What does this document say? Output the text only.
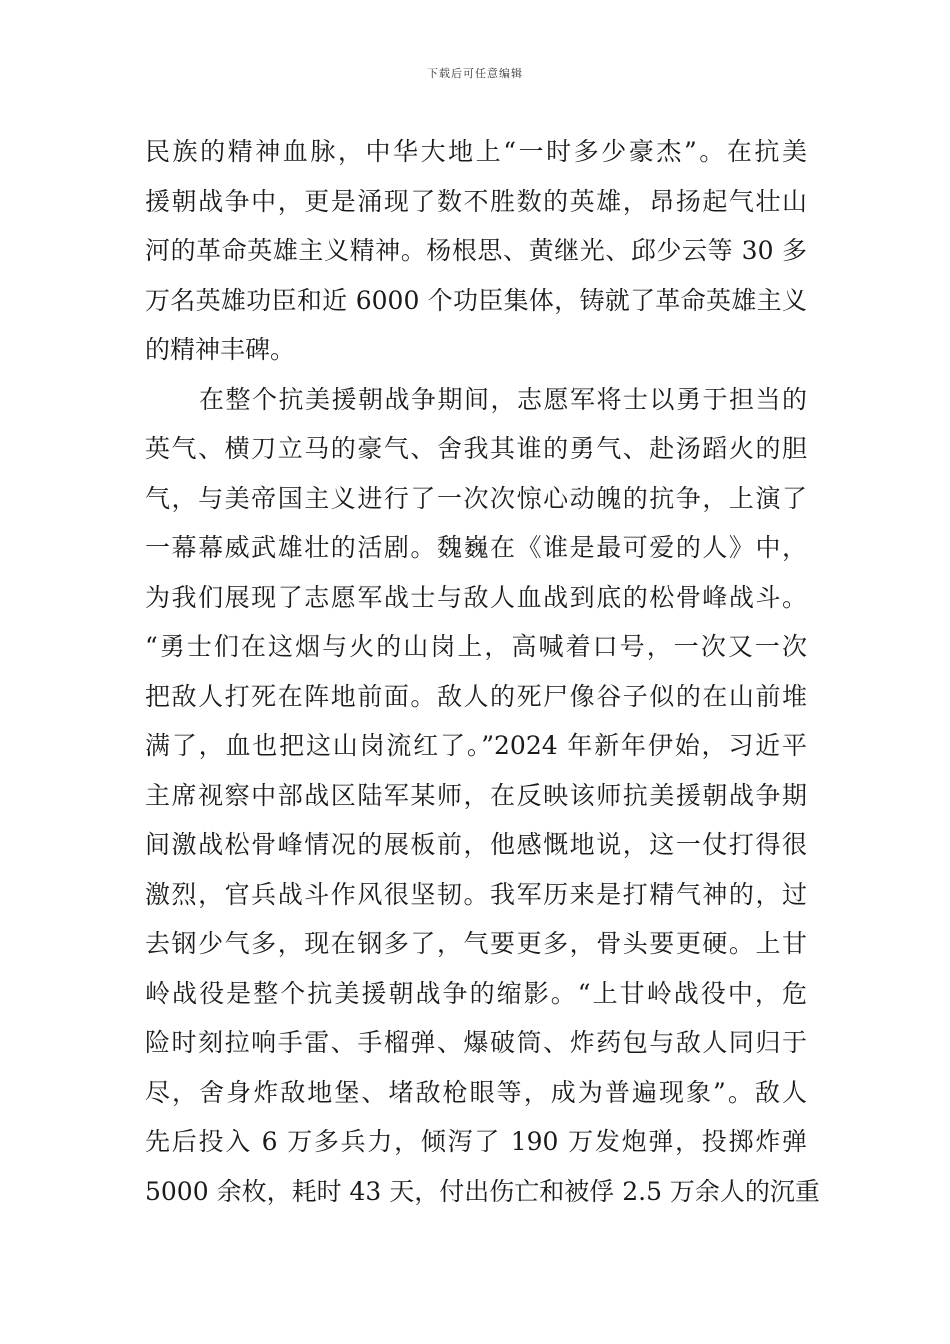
下载后可任意编辑
民族的精神血脉，中华大地上“一时多少豪杰”。在抗美
援朝战争中，更是涌现了数不胜数的英雄，昂扬起气壮山
河的革命英雄主义精神。杨根思、黄继光、邱少云等 30 多
万名英雄功臣和近 6000 个功臣集体，铸就了革命英雄主义
的精神丰碑。
在整个抗美援朝战争期间，志愿军将士以勇于担当的
英气、横刀立马的豪气、舍我其谁的勇气、赴汤蹈火的胆
气，与美帝国主义进行了一次次惊心动魄的抗争，上演了
一幕幕威武雄壮的活剧。魏巍在《谁是最可爱的人》中，
为我们展现了志愿军战士与敌人血战到底的松骨峰战斗。
“勇士们在这烟与火的山岗上，高喊着口号，一次又一次
把敌人打死在阵地前面。敌人的死尸像谷子似的在山前堆
满了，血也把这山岗流红了。”2024 年新年伊始，习近平
主席视察中部战区陆军某师，在反映该师抗美援朝战争期
间激战松骨峰情况的展板前，他感慨地说，这一仗打得很
激烈，官兵战斗作风很坚韧。我军历来是打精气神的，过
去钢少气多，现在钢多了，气要更多，骨头要更硬。上甘
岭战役是整个抗美援朝战争的缩影。“上甘岭战役中，危
险时刻拉响手雷、手榴弹、爆破筒、炸药包与敌人同归于
尽，舍身炸敌地堡、堵敌枪眼等，成为普遍现象”。敌人
先后投入 6 万多兵力，倾泻了 190 万发炮弹，投掷炸弹
5000 余枚，耗时 43 天，付出伤亡和被俘 2.5 万余人的沉重
